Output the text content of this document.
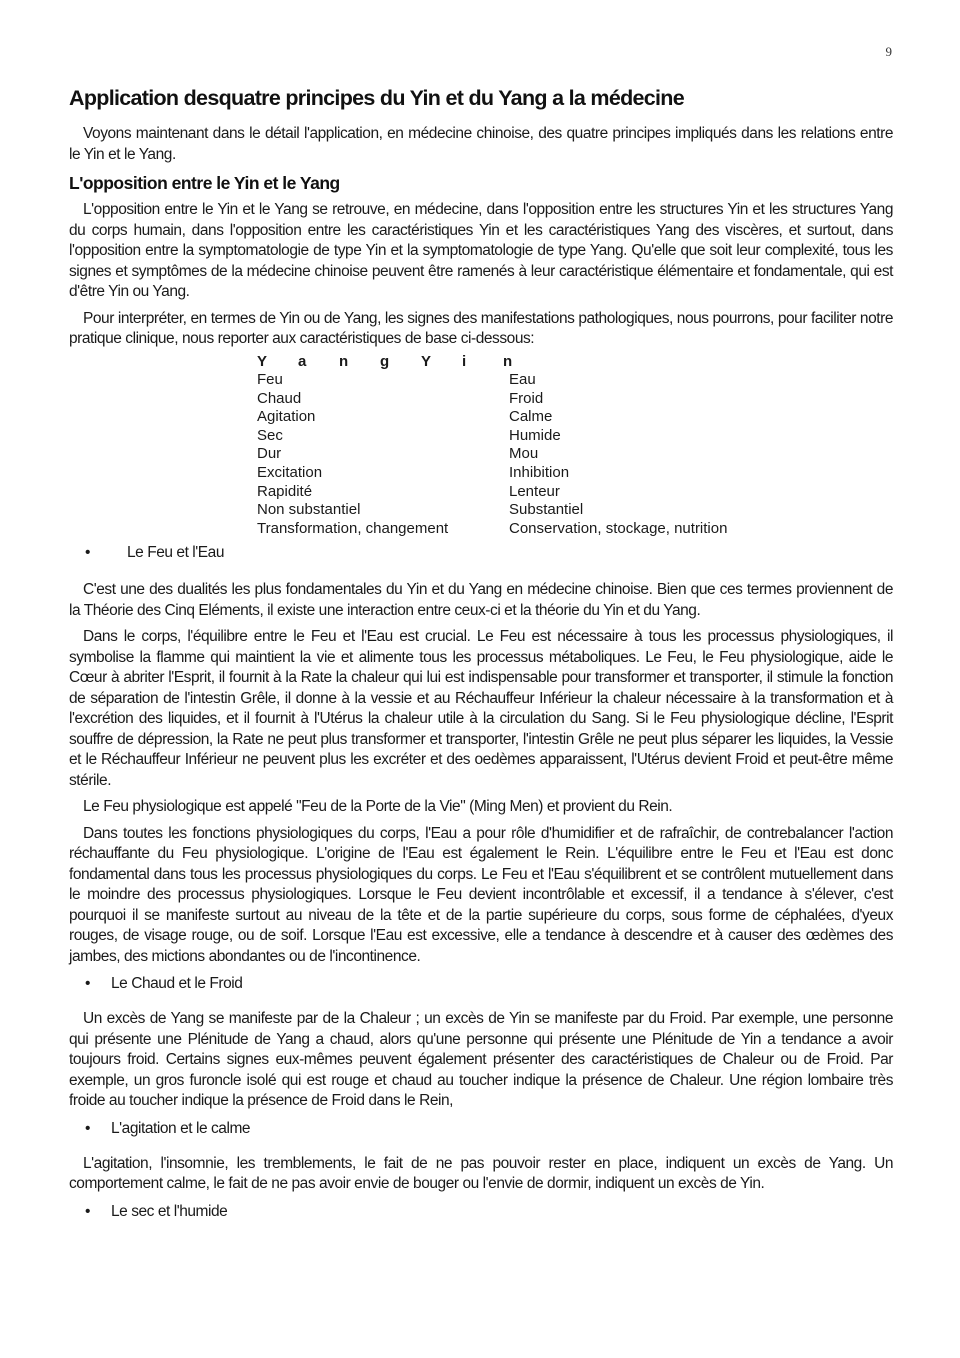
9
Application desquatre principes du Yin et du Yang a la médecine

Voyons maintenant dans le détail l'application, en médecine chinoise, des quatre principes impliqués dans les relations entre le Yin et le Yang.

L'opposition entre le Yin et le Yang

L'opposition entre le Yin et le Yang se retrouve, en médecine, dans l'opposition entre les structures Yin et les structures Yang du corps humain, dans l'opposition entre les caractéristiques Yin et les caractéristiques Yang des viscères, et surtout, dans l'opposition entre la symptomatologie de type Yin et la symptomatologie de type Yang. Qu'elle que soit leur complexité, tous les signes et symptômes de la médecine chinoise peuvent être ramenés à leur caractéristique élémentaire et fondamentale, qui est d'être Yin ou Yang.

Pour interpréter, en termes de Yin ou de Yang, les signes des manifestations pathologiques, nous pourrons, pour faciliter notre pratique clinique, nous reporter aux caractéristiques de base ci-dessous:

Y a n g Y i n	
Feu	Eau
Chaud	Froid
Agitation	Calme
Sec	Humide
Dur	Mou
Excitation	Inhibition
Rapidité	Lenteur
Non substantiel	Substantiel
Transformation, changement	Conservation, stockage, nutrition
• Le Feu et l'Eau

C'est une des dualités les plus fondamentales du Yin et du Yang en médecine chinoise. Bien que ces termes proviennent de la Théorie des Cinq Eléments, il existe une interaction entre ceux-ci et la théorie du Yin et du Yang.

Dans le corps, l'équilibre entre le Feu et l'Eau est crucial. Le Feu est nécessaire à tous les processus physiologiques, il symbolise la flamme qui maintient la vie et alimente tous les processus métaboliques. Le Feu, le Feu physiologique, aide le Cœur à abriter l'Esprit, il fournit à la Rate la chaleur qui lui est indispensable pour transformer et transporter, il stimule la fonction de séparation de l'intestin Grêle, il donne à la vessie et au Réchauffeur Inférieur la chaleur nécessaire à la transformation et à l'excrétion des liquides, et il fournit à l'Utérus la chaleur utile à la circulation du Sang. Si le Feu physiologique décline, l'Esprit souffre de dépression, la Rate ne peut plus transformer et transporter, l'intestin Grêle ne peut plus séparer les liquides, la Vessie et le Réchauffeur Inférieur ne peuvent plus les excréter et des oedèmes apparaissent, l'Utérus devient Froid et peut-être même stérile.

Le Feu physiologique est appelé "Feu de la Porte de la Vie" (Ming Men) et provient du Rein.

Dans toutes les fonctions physiologiques du corps, l'Eau a pour rôle d'humidifier et de rafraîchir, de contrebalancer l'action réchauffante du Feu physiologique. L'origine de l'Eau est également le Rein. L'équilibre entre le Feu et l'Eau est donc fondamental dans tous les processus physiologiques du corps. Le Feu et l'Eau s'équilibrent et se contrôlent mutuellement dans le moindre des processus physiologiques. Lorsque le Feu devient incontrôlable et excessif, il a tendance à s'élever, c'est pourquoi il se manifeste surtout au niveau de la tête et de la partie supérieure du corps, sous forme de céphalées, d'yeux rouges, de visage rouge, ou de soif. Lorsque l'Eau est excessive, elle a tendance à descendre et à causer des œdèmes des jambes, des mictions abondantes ou de l'incontinence.

• Le Chaud et le Froid

Un excès de Yang se manifeste par de la Chaleur ; un excès de Yin se manifeste par du Froid. Par exemple, une personne qui présente une Plénitude de Yang a chaud, alors qu'une personne qui présente une Plénitude de Yin a tendance a avoir toujours froid. Certains signes eux-mêmes peuvent également présenter des caractéristiques de Chaleur ou de Froid. Par exemple, un gros furoncle isolé qui est rouge et chaud au toucher indique la présence de Chaleur. Une région lombaire très froide au toucher indique la présence de Froid dans le Rein,

• L'agitation et le calme

L'agitation, l'insomnie, les tremblements, le fait de ne pas pouvoir rester en place, indiquent un excès de Yang. Un comportement calme, le fait de ne pas avoir envie de bouger ou l'envie de dormir, indiquent un excès de Yin.

• Le sec et l'humide
